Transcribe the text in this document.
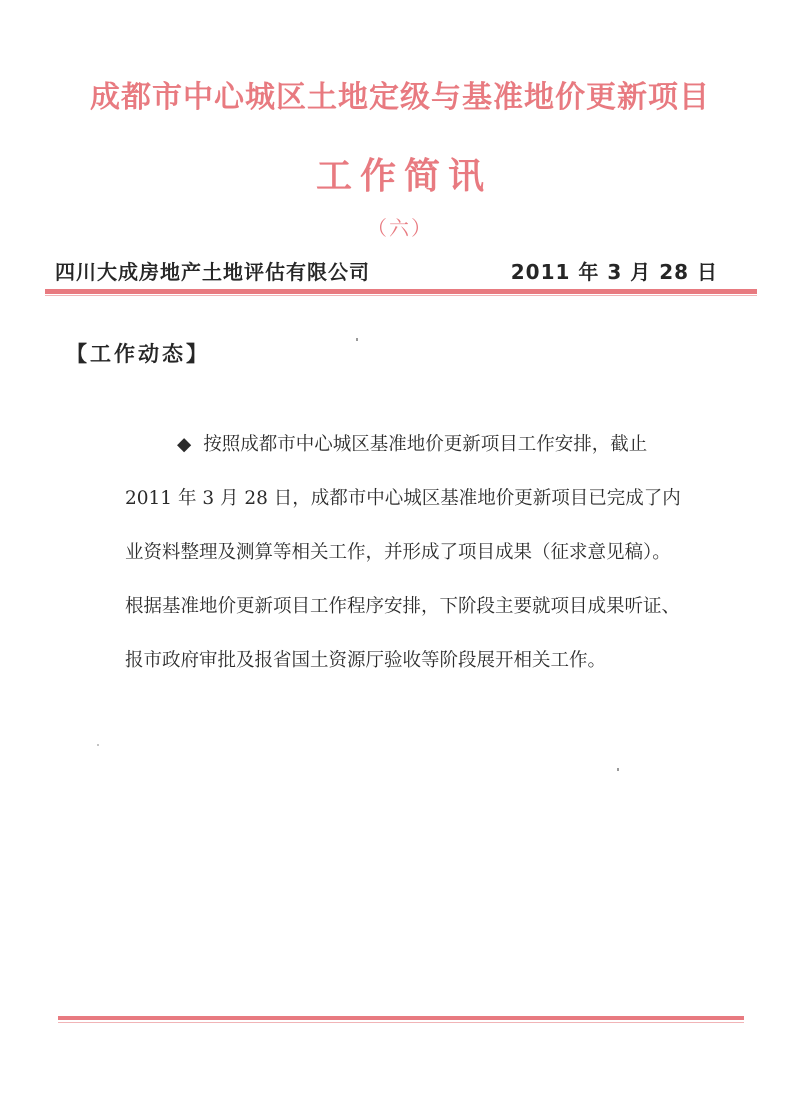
成都市中心城区土地定级与基准地价更新项目
工作简讯
（六）
四川大成房地产土地评估有限公司	2011 年 3 月 28 日
【工作动态】
◆ 按照成都市中心城区基准地价更新项目工作安排，截止
2011 年 3 月 28 日，成都市中心城区基准地价更新项目已完成了内
业资料整理及测算等相关工作，并形成了项目成果（征求意见稿）。
根据基准地价更新项目工作程序安排，下阶段主要就项目成果听证、
报市政府审批及报省国土资源厅验收等阶段展开相关工作。
